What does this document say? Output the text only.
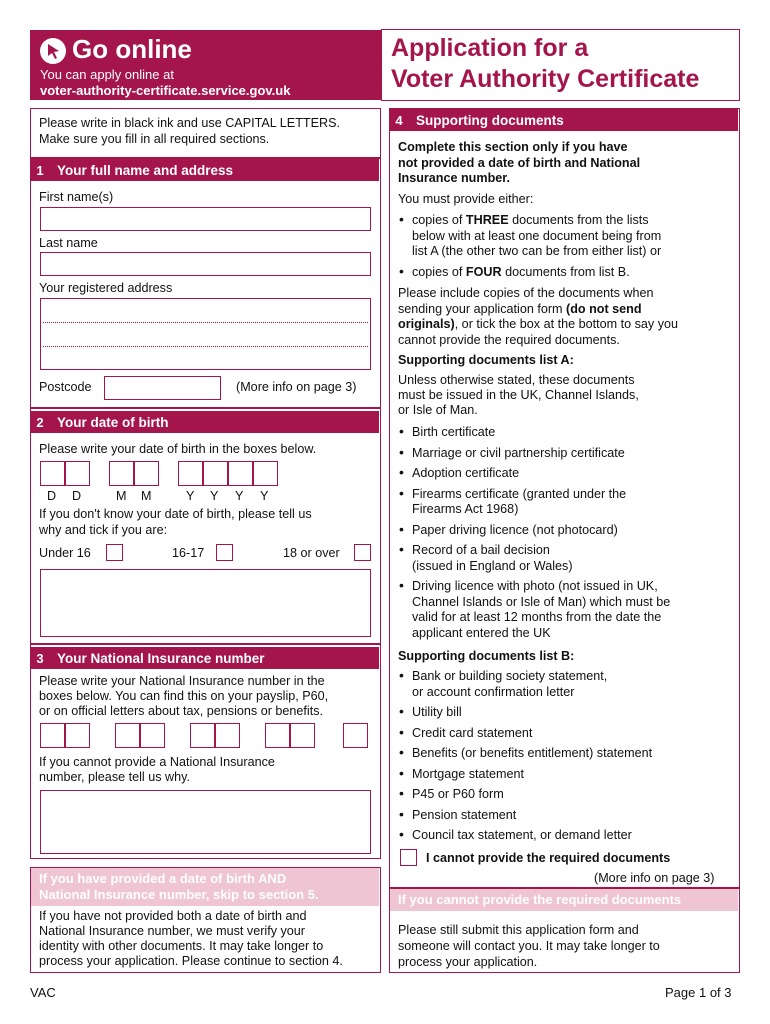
Go online
You can apply online at
voter-authority-certificate.service.gov.uk
Application for a
Voter Authority Certificate
Please write in black ink and use CAPITAL LETTERS.
Make sure you fill in all required sections.
1 Your full name and address
First name(s)
Last name
Your registered address
Postcode	(More info on page 3)
2 Your date of birth
Please write your date of birth in the boxes below.
D D	M M	Y Y Y Y
If you don't know your date of birth, please tell us
why and tick if you are:
Under 16	16-17	18 or over
3 Your National Insurance number
Please write your National Insurance number in the
boxes below. You can find this on your payslip, P60,
or on official letters about tax, pensions or benefits.
If you cannot provide a National Insurance
number, please tell us why.
If you have provided a date of birth AND
National Insurance number, skip to section 5.
If you have not provided both a date of birth and
National Insurance number, we must verify your
identity with other documents. It may take longer to
process your application. Please continue to section 4.
4 Supporting documents
Complete this section only if you have
not provided a date of birth and National
Insurance number.
You must provide either:
• copies of THREE documents from the lists
below with at least one document being from
list A (the other two can be from either list) or
• copies of FOUR documents from list B.
Please include copies of the documents when
sending your application form (do not send
originals), or tick the box at the bottom to say you
cannot provide the required documents.
Supporting documents list A:
Unless otherwise stated, these documents
must be issued in the UK, Channel Islands,
or Isle of Man.
• Birth certificate
• Marriage or civil partnership certificate
• Adoption certificate
• Firearms certificate (granted under the
Firearms Act 1968)
• Paper driving licence (not photocard)
• Record of a bail decision
(issued in England or Wales)
• Driving licence with photo (not issued in UK,
Channel Islands or Isle of Man) which must be
valid for at least 12 months from the date the
applicant entered the UK
Supporting documents list B:
• Bank or building society statement,
or account confirmation letter
• Utility bill
• Credit card statement
• Benefits (or benefits entitlement) statement
• Mortgage statement
• P45 or P60 form
• Pension statement
• Council tax statement, or demand letter
I cannot provide the required documents
(More info on page 3)
If you cannot provide the required documents
Please still submit this application form and
someone will contact you. It may take longer to
process your application.
VAC	Page 1 of 3
